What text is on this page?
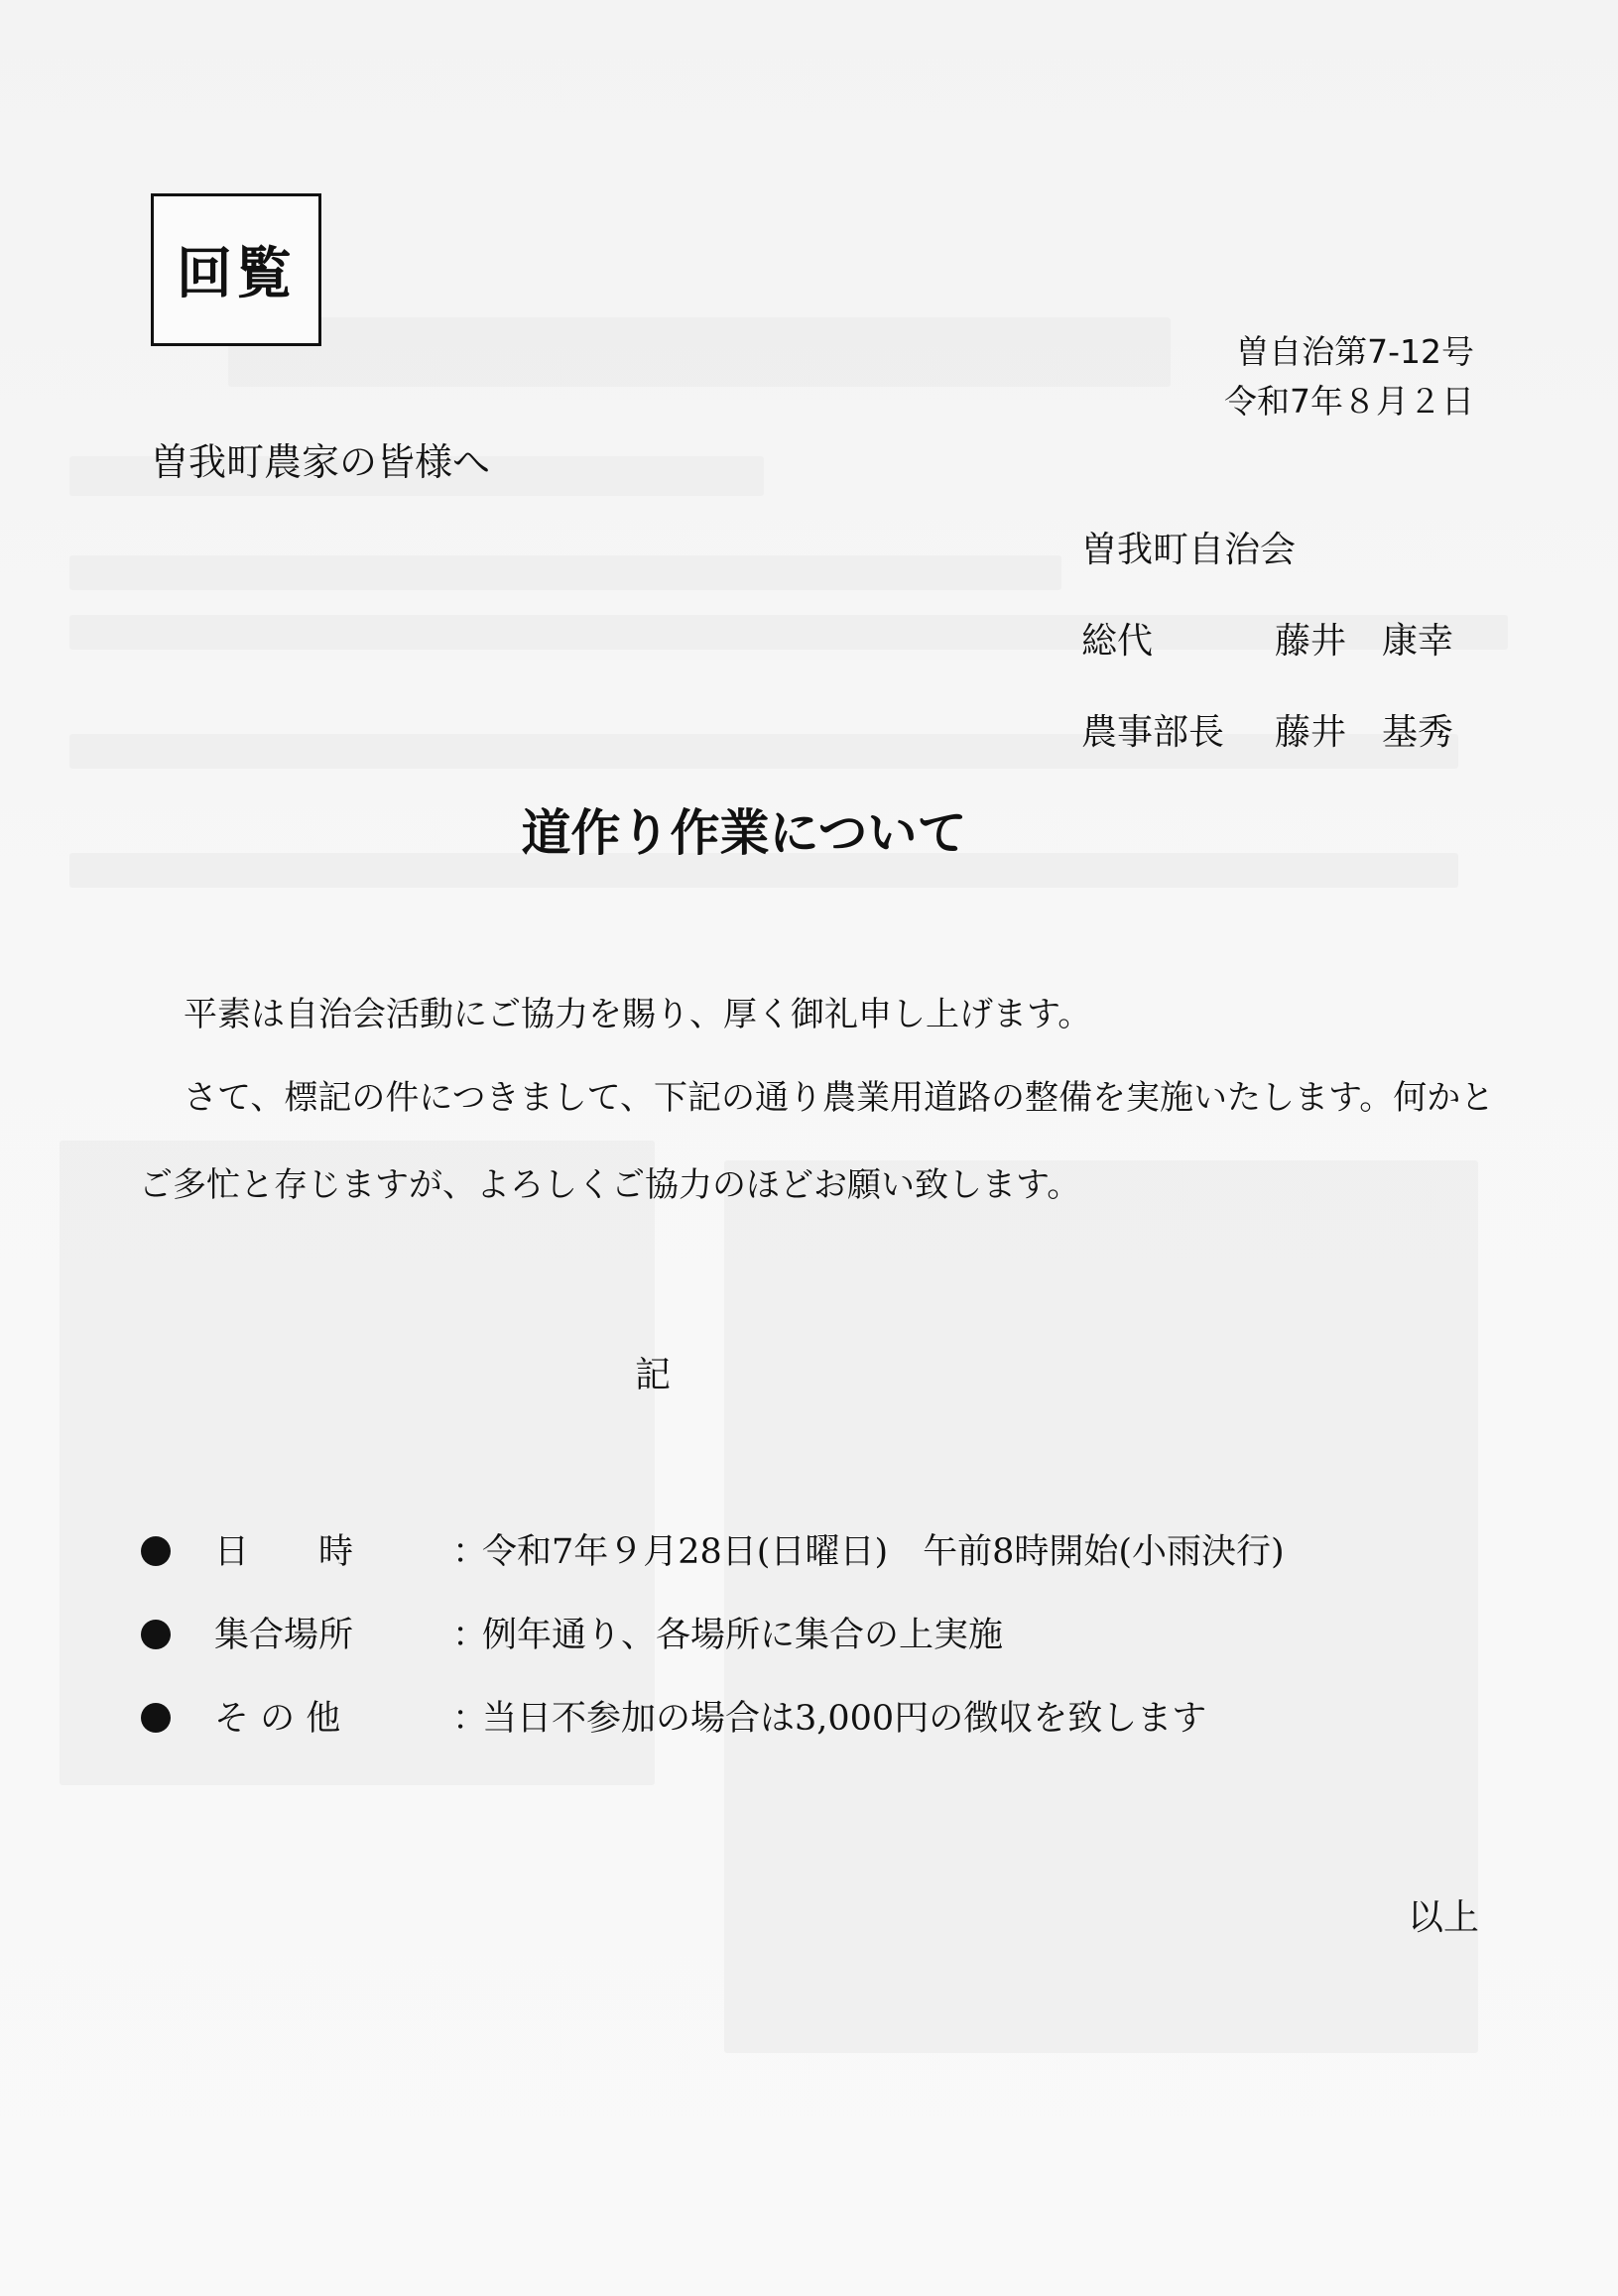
回覧
曽自治第7-12号
令和7年８月２日
曽我町農家の皆様へ
曽我町自治会
総代	藤井　康幸
農事部長 藤井　基秀
道作り作業について

平素は自治会活動にご協力を賜り、厚く御礼申し上げます。

さて、標記の件につきまして、下記の通り農業用道路の整備を実施いたします。何かと

ご多忙と存じますが、よろしくご協力のほどお願い致します。

記
日　　時	：令和7年９月28日(日曜日)　午前8時開始(小雨決行)
集合場所	：例年通り、各場所に集合の上実施
そ の 他	：当日不参加の場合は3,000円の徴収を致します
以上
